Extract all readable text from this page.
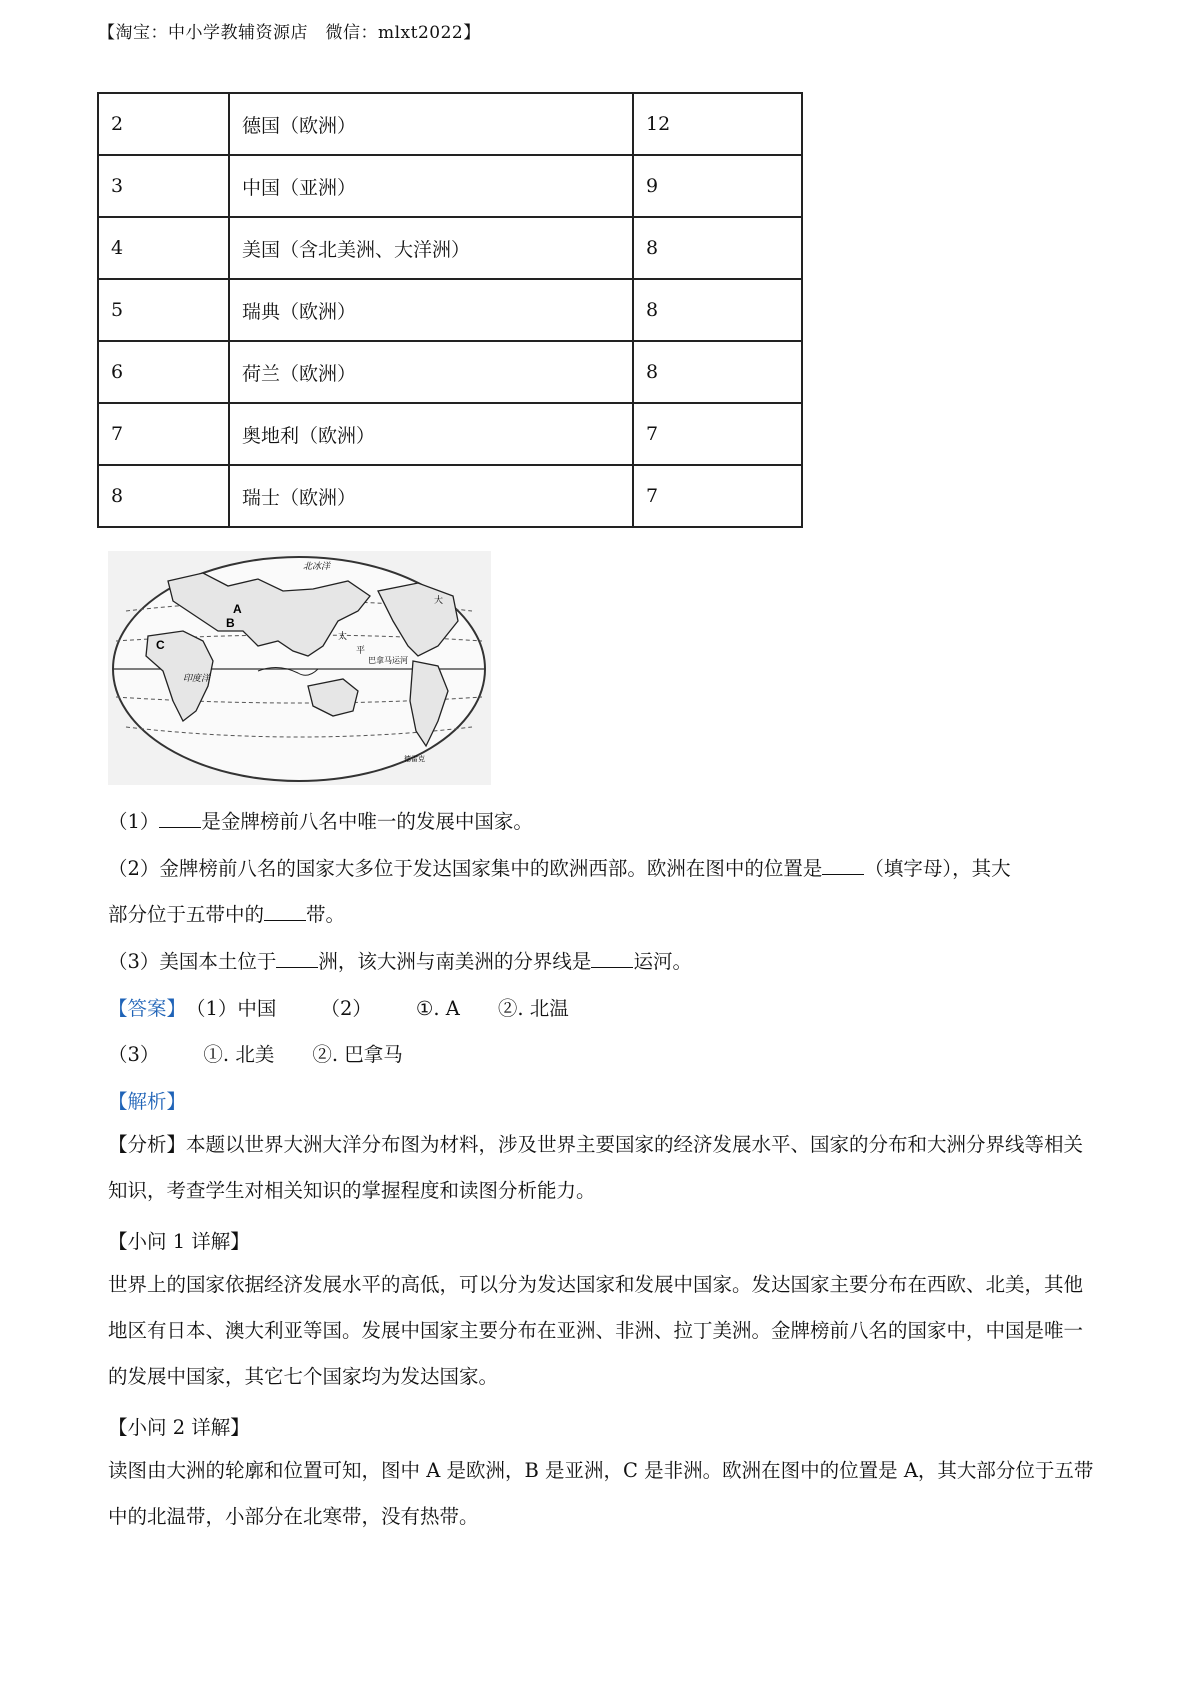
【淘宝：中小学教辅资源店　微信：mlxt2022】
2	德国（欧洲）	12
3	中国（亚洲）	9
4	美国（含北美洲、大洋洲）	8
5	瑞典（欧洲）	8
6	荷兰（欧洲）	8
7	奥地利（欧洲）	7
8	瑞士（欧洲）	7
A
B
C
北冰洋
印度洋
太
平
大
巴拿马运河
德雷克
（1） 是金牌榜前八名中唯一的发展中国家。
（2）金牌榜前八名的国家大多位于发达国家集中的欧洲西部。欧洲在图中的位置是 （填字母），其大
部分位于五带中的 带。
（3）美国本土位于 洲，该大洲与南美洲的分界线是 运河。
【答案】（1）中国 （2） ①. A ②. 北温
（3） ①. 北美 ②. 巴拿马
【解析】
【分析】本题以世界大洲大洋分布图为材料，涉及世界主要国家的经济发展水平、国家的分布和大洲分界线等相关知识，考查学生对相关知识的掌握程度和读图分析能力。
【小问 1 详解】
世界上的国家依据经济发展水平的高低，可以分为发达国家和发展中国家。发达国家主要分布在西欧、北美，其他地区有日本、澳大利亚等国。发展中国家主要分布在亚洲、非洲、拉丁美洲。金牌榜前八名的国家中，中国是唯一的发展中国家，其它七个国家均为发达国家。
【小问 2 详解】
读图由大洲的轮廓和位置可知，图中 A 是欧洲，B 是亚洲，C 是非洲。欧洲在图中的位置是 A，其大部分位于五带中的北温带，小部分在北寒带，没有热带。
